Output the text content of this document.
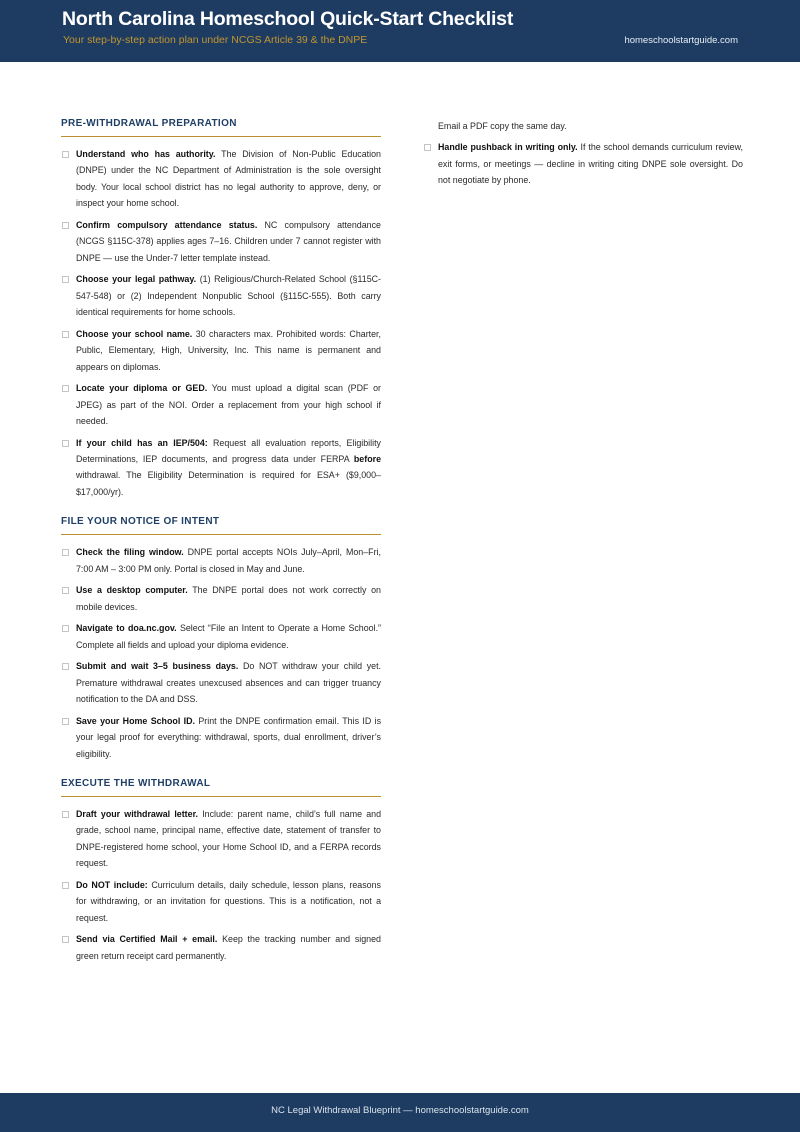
North Carolina Homeschool Quick-Start Checklist
Your step-by-step action plan under NCGS Article 39 & the DNPE	homeschoolstartguide.com
PRE-WITHDRAWAL PREPARATION
Understand who has authority. The Division of Non-Public Education (DNPE) under the NC Department of Administration is the sole oversight body. Your local school district has no legal authority to approve, deny, or inspect your home school.
Confirm compulsory attendance status. NC compulsory attendance (NCGS §115C-378) applies ages 7–16. Children under 7 cannot register with DNPE — use the Under-7 letter template instead.
Choose your legal pathway. (1) Religious/Church-Related School (§115C-547-548) or (2) Independent Nonpublic School (§115C-555). Both carry identical requirements for home schools.
Choose your school name. 30 characters max. Prohibited words: Charter, Public, Elementary, High, University, Inc. This name is permanent and appears on diplomas.
Locate your diploma or GED. You must upload a digital scan (PDF or JPEG) as part of the NOI. Order a replacement from your high school if needed.
If your child has an IEP/504: Request all evaluation reports, Eligibility Determinations, IEP documents, and progress data under FERPA before withdrawal. The Eligibility Determination is required for ESA+ ($9,000–$17,000/yr).
FILE YOUR NOTICE OF INTENT
Check the filing window. DNPE portal accepts NOIs July–April, Mon–Fri, 7:00 AM – 3:00 PM only. Portal is closed in May and June.
Use a desktop computer. The DNPE portal does not work correctly on mobile devices.
Navigate to doa.nc.gov. Select “File an Intent to Operate a Home School.” Complete all fields and upload your diploma evidence.
Submit and wait 3–5 business days. Do NOT withdraw your child yet. Premature withdrawal creates unexcused absences and can trigger truancy notification to the DA and DSS.
Save your Home School ID. Print the DNPE confirmation email. This ID is your legal proof for everything: withdrawal, sports, dual enrollment, driver’s eligibility.
EXECUTE THE WITHDRAWAL
Draft your withdrawal letter. Include: parent name, child’s full name and grade, school name, principal name, effective date, statement of transfer to DNPE-registered home school, your Home School ID, and a FERPA records request.
Do NOT include: Curriculum details, daily schedule, lesson plans, reasons for withdrawing, or an invitation for questions. This is a notification, not a request.
Send via Certified Mail + email. Keep the tracking number and signed green return receipt card permanently.
Email a PDF copy the same day.
Handle pushback in writing only. If the school demands curriculum review, exit forms, or meetings — decline in writing citing DNPE sole oversight. Do not negotiate by phone.
NC Legal Withdrawal Blueprint — homeschoolstartguide.com
